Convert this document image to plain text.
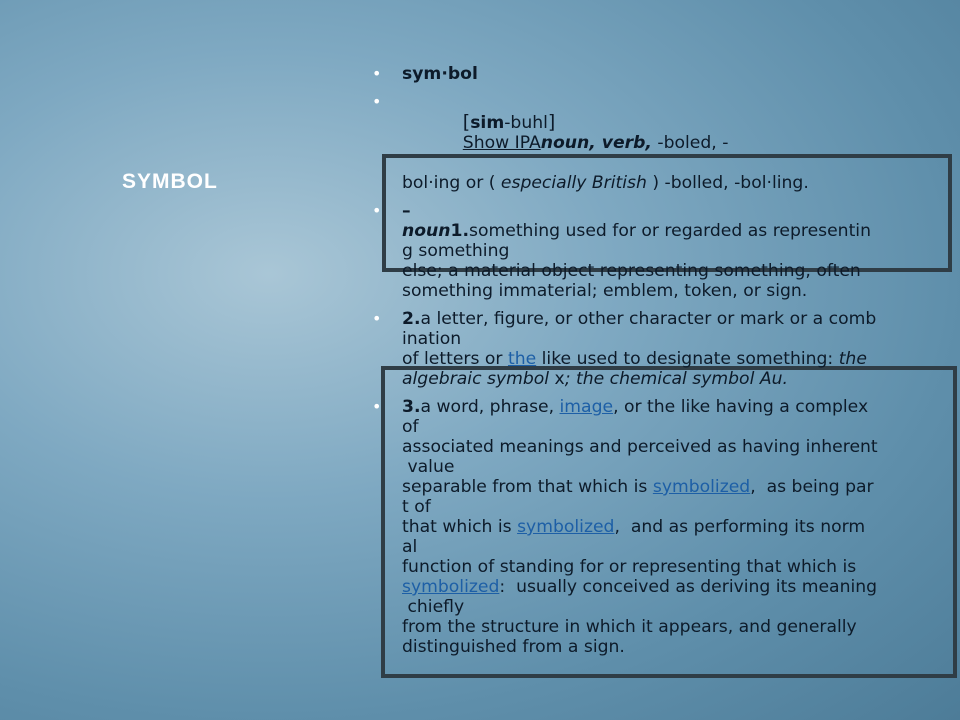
SYMBOL
• sym·bol
•

[sim-buhl]
Show IPAnoun, verb, -boled, -

bol·ing or ( especially British ) -bolled, -bol·ling.
• –
noun1.something used for or regarded as representin
g something
else; a material object representing something, often
something immaterial; emblem, token, or sign.
• 2.a letter, figure, or other character or mark or a comb
ination
of letters or the like used to designate something: the
algebraic symbol x; the chemical symbol Au.
• 3.a word, phrase, image, or the like having a complex
of
associated meanings and perceived as having inherent
value
separable from that which is symbolized,  as being par
t of
that which is symbolized,  and as performing its norm
al
function of standing for or representing that which is
symbolized:  usually conceived as deriving its meaning
chiefly
from the structure in which it appears, and generally
distinguished from a sign.
